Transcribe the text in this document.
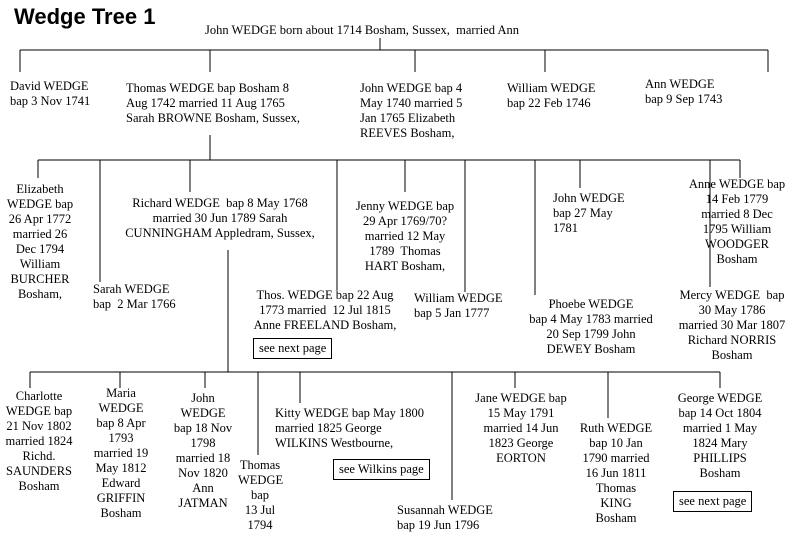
Wedge Tree 1
John WEDGE born about 1714 Bosham, Sussex,  married Ann
David WEDGE
bap 3 Nov 1741
Thomas WEDGE bap Bosham 8
Aug 1742 married 11 Aug 1765
Sarah BROWNE Bosham, Sussex,
John WEDGE bap 4
May 1740 married 5
Jan 1765 Elizabeth
REEVES Bosham,
William WEDGE
bap 22 Feb 1746
Ann WEDGE
bap 9 Sep 1743
Elizabeth
WEDGE bap
26 Apr 1772
married 26
Dec 1794
William
BURCHER
Bosham,	Sarah WEDGE
bap  2 Mar 1766
Richard WEDGE  bap 8 May 1768
married 30 Jun 1789 Sarah
CUNNINGHAM Appledram, Sussex,
Thos. WEDGE bap 22 Aug
1773 married  12 Jul 1815
Anne FREELAND Bosham,
Jenny WEDGE bap
29 Apr 1769/70?
married 12 May
1789  Thomas
HART Bosham,
William WEDGE
bap 5 Jan 1777
John WEDGE
bap 27 May
1781
Phoebe WEDGE
bap 4 May 1783 married
20 Sep 1799 John
DEWEY Bosham
Anne WEDGE bap
14 Feb 1779
married 8 Dec
1795 William
WOODGER
Bosham
Mercy WEDGE  bap
30 May 1786
married 30 Mar 1807
Richard NORRIS
Bosham
Charlotte
WEDGE bap
21 Nov 1802
married 1824
Richd.
SAUNDERS
Bosham
Maria
WEDGE
bap 8 Apr
1793
married 19
May 1812
Edward
GRIFFIN
Bosham
John
WEDGE
bap 18 Nov
1798
married 18
Nov 1820
Ann
JATMAN
Thomas
WEDGE
bap
13 Jul
1794
Kitty WEDGE bap May 1800
married 1825 George
WILKINS Westbourne,
Susannah WEDGE
bap 19 Jun 1796
Jane WEDGE bap
15 May 1791
married 14 Jun
1823 George
EORTON
Ruth WEDGE
bap 10 Jan
1790 married
16 Jun 1811
Thomas
KING
Bosham
George WEDGE
bap 14 Oct 1804
married 1 May
1824 Mary
PHILLIPS
Bosham
see next page
see Wilkins page
see next page
